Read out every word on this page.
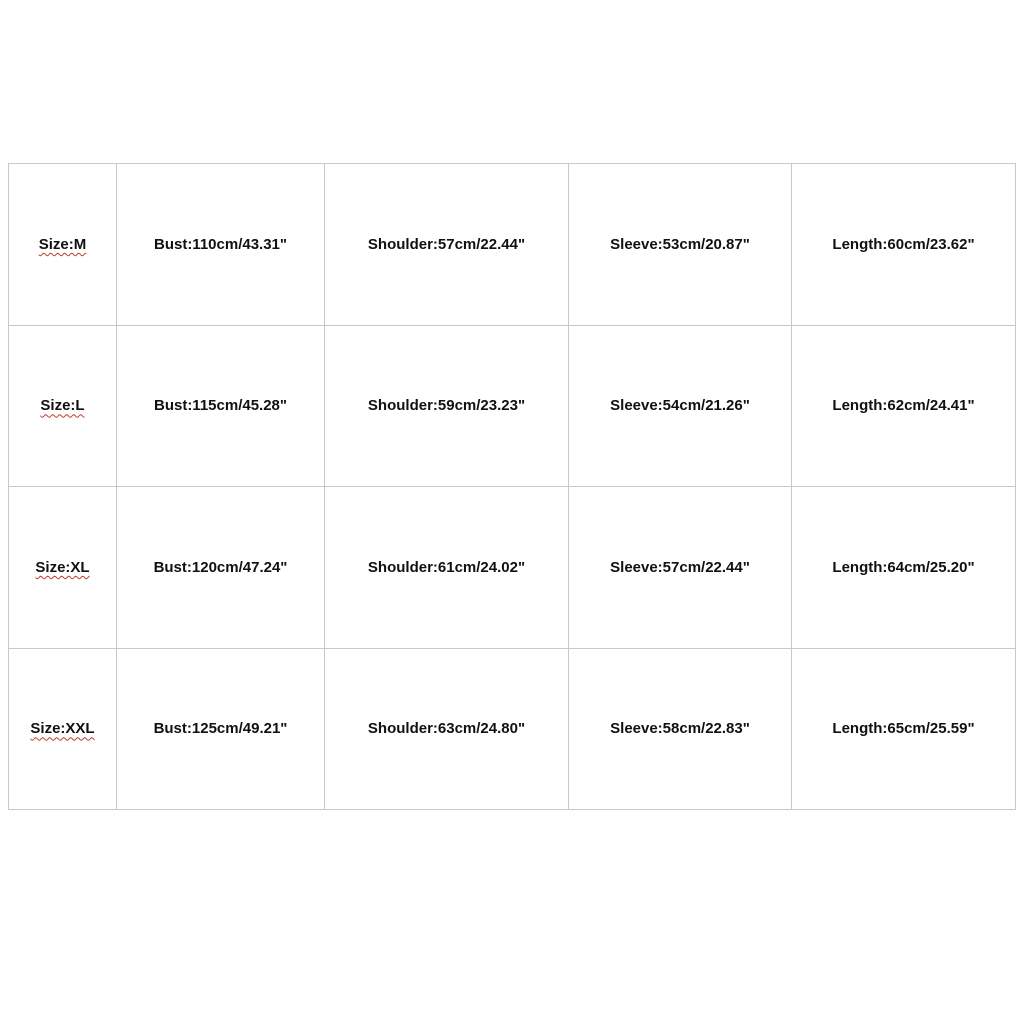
Size:M	Bust:110cm/43.31"	Shoulder:57cm/22.44"	Sleeve:53cm/20.87"	Length:60cm/23.62"
Size:L	Bust:115cm/45.28"	Shoulder:59cm/23.23"	Sleeve:54cm/21.26"	Length:62cm/24.41"
Size:XL	Bust:120cm/47.24"	Shoulder:61cm/24.02"	Sleeve:57cm/22.44"	Length:64cm/25.20"
Size:XXL	Bust:125cm/49.21"	Shoulder:63cm/24.80"	Sleeve:58cm/22.83"	Length:65cm/25.59"
